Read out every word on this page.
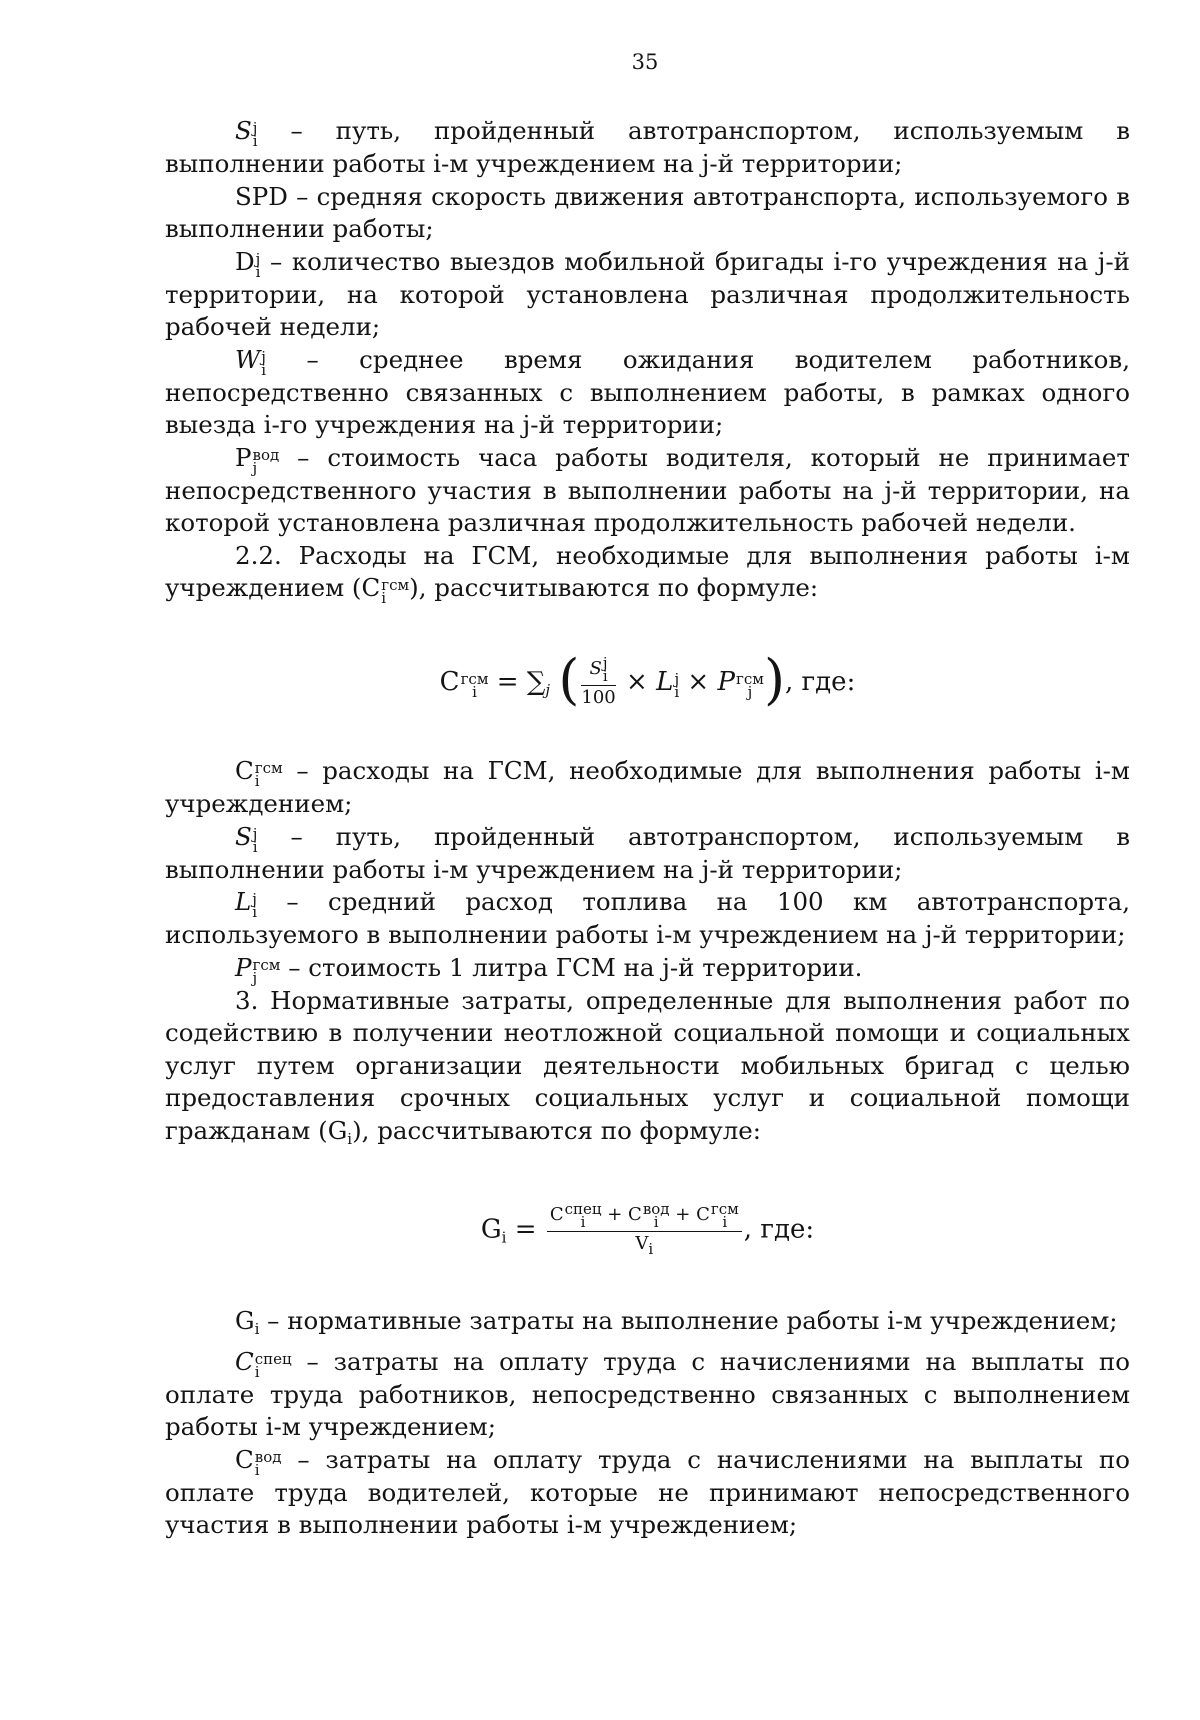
35

S j
i – путь, пройденный автотранспортом, используемым в выполнении работы i-м учреждением на j-й территории;

SPD – средняя скорость движения автотранспорта, используемого в выполнении работы;

D j
i – количество выездов мобильной бригады i-го учреждения на j-й территории, на которой установлена различная продолжительность рабочей недели;

W j
i – среднее время ожидания водителем работников, непосредственно связанных с выполнением работы, в рамках одного выезда i-го учреждения на j-й территории;

P вод
j – стоимость часа работы водителя, который не принимает непосредственного участия в выполнении работы на j-й территории, на которой установлена различная продолжительность рабочей недели.

2.2. Расходы на ГСМ, необходимые для выполнения работы i-м учреждением (C гсм
i ), рассчитываются по формуле:

C гсм
$i = \sum_j$ ( S j
i
100 × L j
i × P гсм
j ), где:

C гсм
i – расходы на ГСМ, необходимые для выполнения работы i-м учреждением;

S j
i – путь, пройденный автотранспортом, используемым в выполнении работы i-м учреждением на j-й территории;

L j
i – средний расход топлива на 100 км автотранспорта, используемого в выполнении работы i-м учреждением на j-й территории;

P гсм
j – стоимость 1 литра ГСМ на j-й территории.

3. Нормативные затраты, определенные для выполнения работ по содействию в получении неотложной социальной помощи и социальных услуг путем организации деятельности мобильных бригад с целью предоставления срочных социальных услуг и социальной помощи гражданам $(G_i)$, рассчитываются по формуле:

$G_i = C$ спец
i + C вод
i + C гсм
i
$V_i$ , где:

$G_i$ – нормативные затраты на выполнение работы i-м учреждением;

C спец
i	– затраты на оплату труда с начислениями на выплаты по оплате труда работников, непосредственно связанных с выполнением работы i-м учреждением;

C вод
i – затраты на оплату труда с начислениями на выплаты по оплате труда водителей, которые не принимают непосредственного участия в выполнении работы i-м учреждением;
